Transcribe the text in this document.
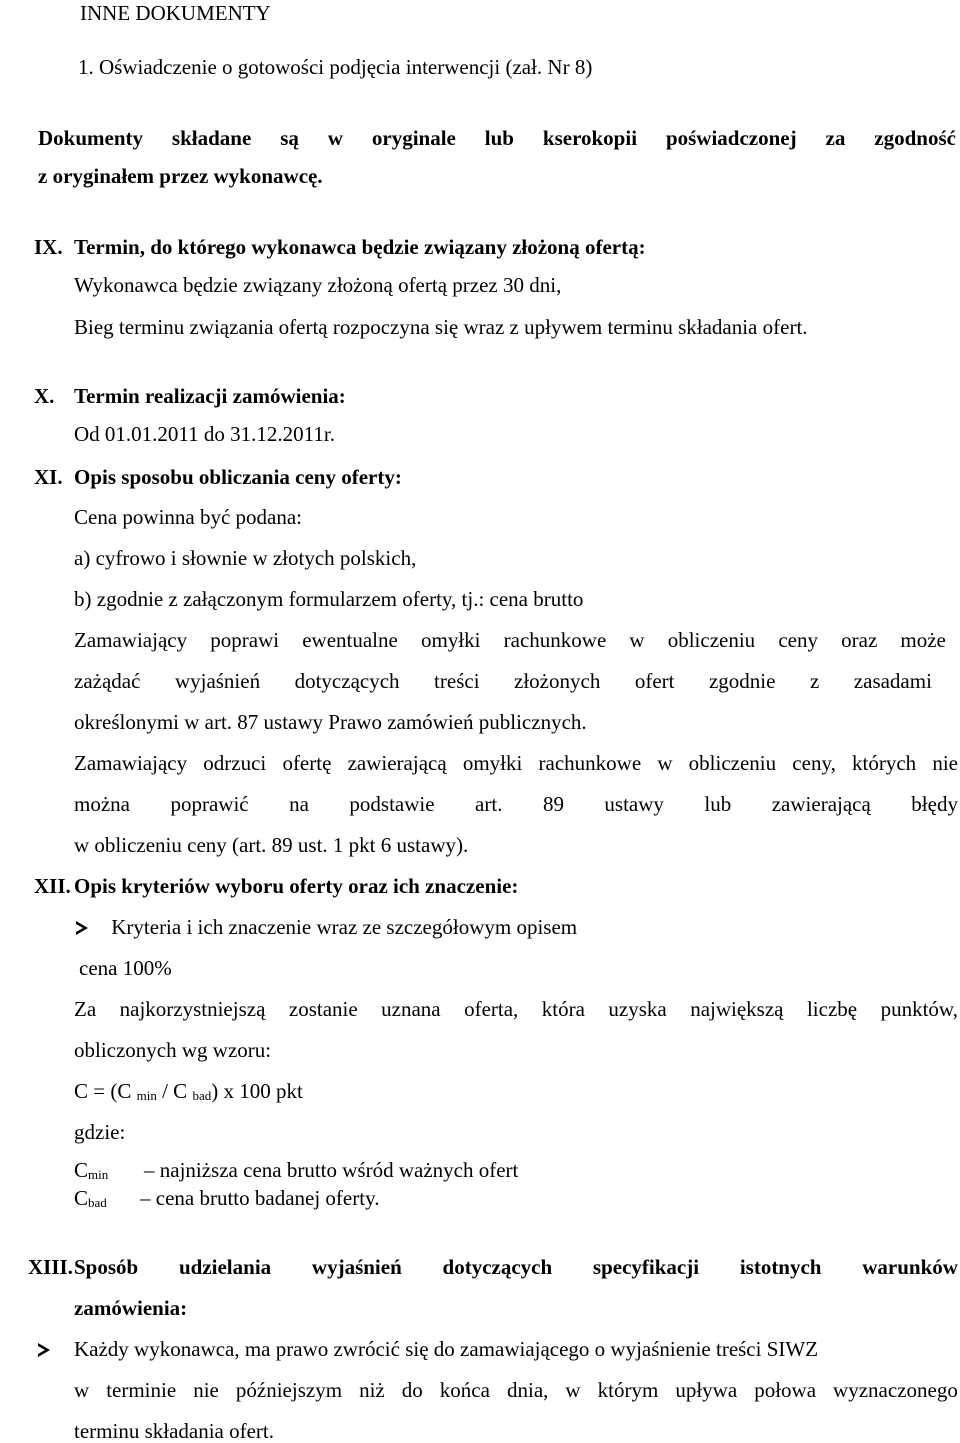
INNE DOKUMENTY
1. Oświadczenie o gotowości podjęcia interwencji (zał. Nr 8)
Dokumenty składane są w oryginale lub kserokopii poświadczonej za zgodność
z oryginałem przez wykonawcę.
IX. Termin, do którego wykonawca będzie związany złożoną ofertą:
Wykonawca będzie związany złożoną ofertą przez 30 dni,
Bieg terminu związania ofertą rozpoczyna się wraz z upływem terminu składania ofert.
X. Termin realizacji zamówienia:
Od 01.01.2011 do 31.12.2011r.
XI. Opis sposobu obliczania ceny oferty:
Cena powinna być podana:
a) cyfrowo i słownie w złotych polskich,
b) zgodnie z załączonym formularzem oferty, tj.: cena brutto
Zamawiający poprawi ewentualne omyłki rachunkowe w obliczeniu ceny oraz może
zażądać wyjaśnień dotyczących treści złożonych ofert zgodnie z zasadami
określonymi w art. 87 ustawy Prawo zamówień publicznych.
Zamawiający odrzuci ofertę zawierającą omyłki rachunkowe w obliczeniu ceny, których nie
można poprawić na podstawie art. 89 ustawy lub zawierającą błędy
w obliczeniu ceny (art. 89 ust. 1 pkt 6 ustawy).
XII. Opis kryteriów wyboru oferty oraz ich znaczenie:
Kryteria i ich znaczenie wraz ze szczegółowym opisem
cena 100%
Za najkorzystniejszą zostanie uznana oferta, która uzyska największą liczbę punktów,
obliczonych wg wzoru:
C = (C $_{min}$ / C $_{bad}$) x 100 pkt
gdzie:
$C_{min}$ – najniższa cena brutto wśród ważnych ofert
$C_{bad}$ – cena brutto badanej oferty.
XIII. Sposób udzielania wyjaśnień dotyczących specyfikacji istotnych warunków
zamówienia:
Każdy wykonawca, ma prawo zwrócić się do zamawiającego o wyjaśnienie treści SIWZ
w terminie nie późniejszym niż do końca dnia, w którym upływa połowa wyznaczonego
terminu składania ofert.
